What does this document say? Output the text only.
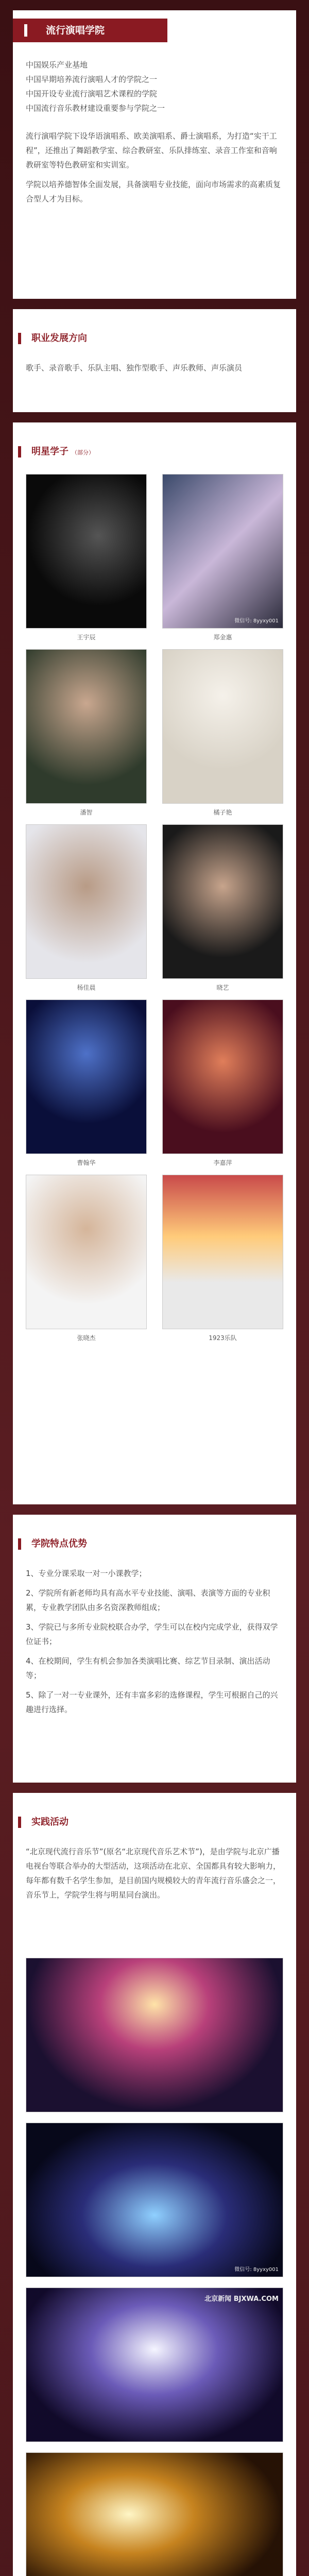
流行演唱学院

中国娱乐产业基地

中国早期培养流行演唱人才的学院之一

中国开设专业流行演唱艺术课程的学院

中国流行音乐教材建设重要参与学院之一

流行演唱学院下设华语演唱系、欧美演唱系、爵士演唱系，为打造“实干工程”，还推出了舞蹈教学室、综合教研室、乐队排练室、录音工作室和音响教研室等特色教研室和实训室。

学院以培养德智体全面发展，具备演唱专业技能，面向市场需求的高素质复合型人才为目标。

职业发展方向
歌手、录音歌手、乐队主唱、独作型歌手、声乐教师、声乐演员
明星学子 （部分）
王宇辰
微信号: 8yyxy001
郑金惠
潘智	橘子艳
杨佳晨	晓艺
曹翰华	李嘉萍
张晓杰	1923乐队
学院特点优势

1、专业分课采取一对一小课教学；

2、学院所有新老师均具有高水平专业技能、演唱、表演等方面的专业积累，专业教学团队由多名资深教师组成；

3、学院已与多所专业院校联合办学，学生可以在校内完成学业，获得双学位证书；

4、在校期间，学生有机会参加各类演唱比赛、综艺节目录制、演出活动等；

5、除了一对一专业课外，还有丰富多彩的选修课程，学生可根据自己的兴趣进行选择。

实践活动
“北京现代流行音乐节”(原名“北京现代音乐艺术节”)，是由学院与北京广播电视台等联合举办的大型活动，这项活动在北京、全国都具有较大影响力，每年都有数千名学生参加，是目前国内规模较大的青年流行音乐盛会之一，音乐节上，学院学生将与明星同台演出。
微信号: 8yyxy001
北京新闻 BJXWA.COM
